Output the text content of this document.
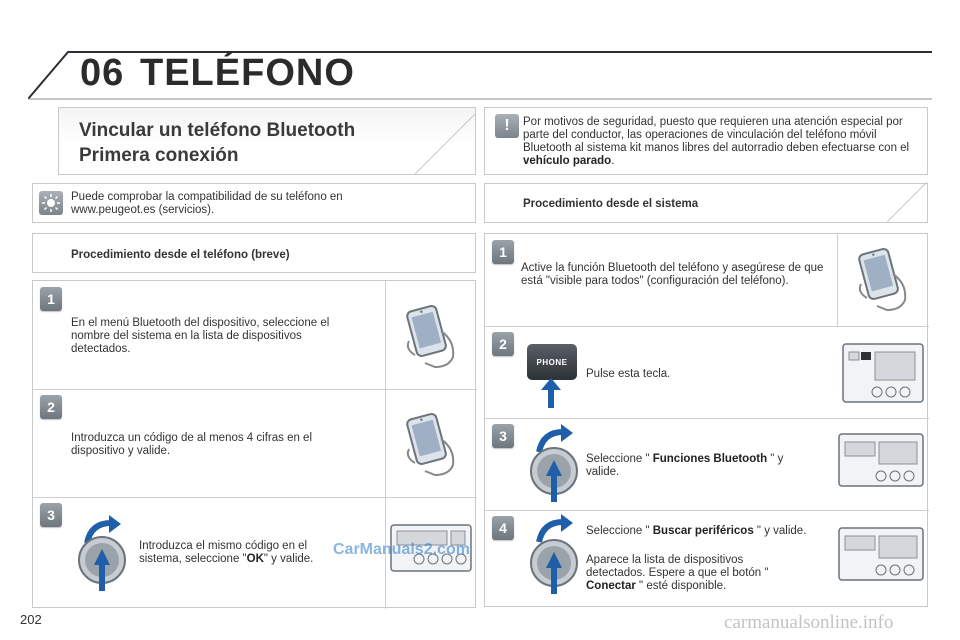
06 TELÉFONO
Vincular un teléfono Bluetooth
Primera conexión
!	Por motivos de seguridad, puesto que requieren una atención especial por parte del conductor, las operaciones de vinculación del teléfono móvil Bluetooth al sistema kit manos libres del autorradio deben efectuarse con el vehículo parado.
Puede comprobar la compatibilidad de su teléfono en
www.peugeot.es (servicios).	Procedimiento desde el sistema
Procedimiento desde el teléfono (breve)
1
En el menú Bluetooth del dispositivo, seleccione el nombre del sistema en la lista de dispositivos detectados.
2
Introduzca un código de al menos 4 cifras en el dispositivo y valide.
3
Introduzca el mismo código en el sistema, seleccione "OK" y valide.
CarManuals2.com
1
Active la función Bluetooth del teléfono y asegúrese de que está "visible para todos" (configuración del teléfono).
2
PHONE
Pulse esta tecla.
3
Seleccione " Funciones Bluetooth " y valide.
4	Seleccione " Buscar periféricos " y valide.
Aparece la lista de dispositivos detectados. Espere a que el botón " Conectar " esté disponible.
202	carmanualsonline.info
